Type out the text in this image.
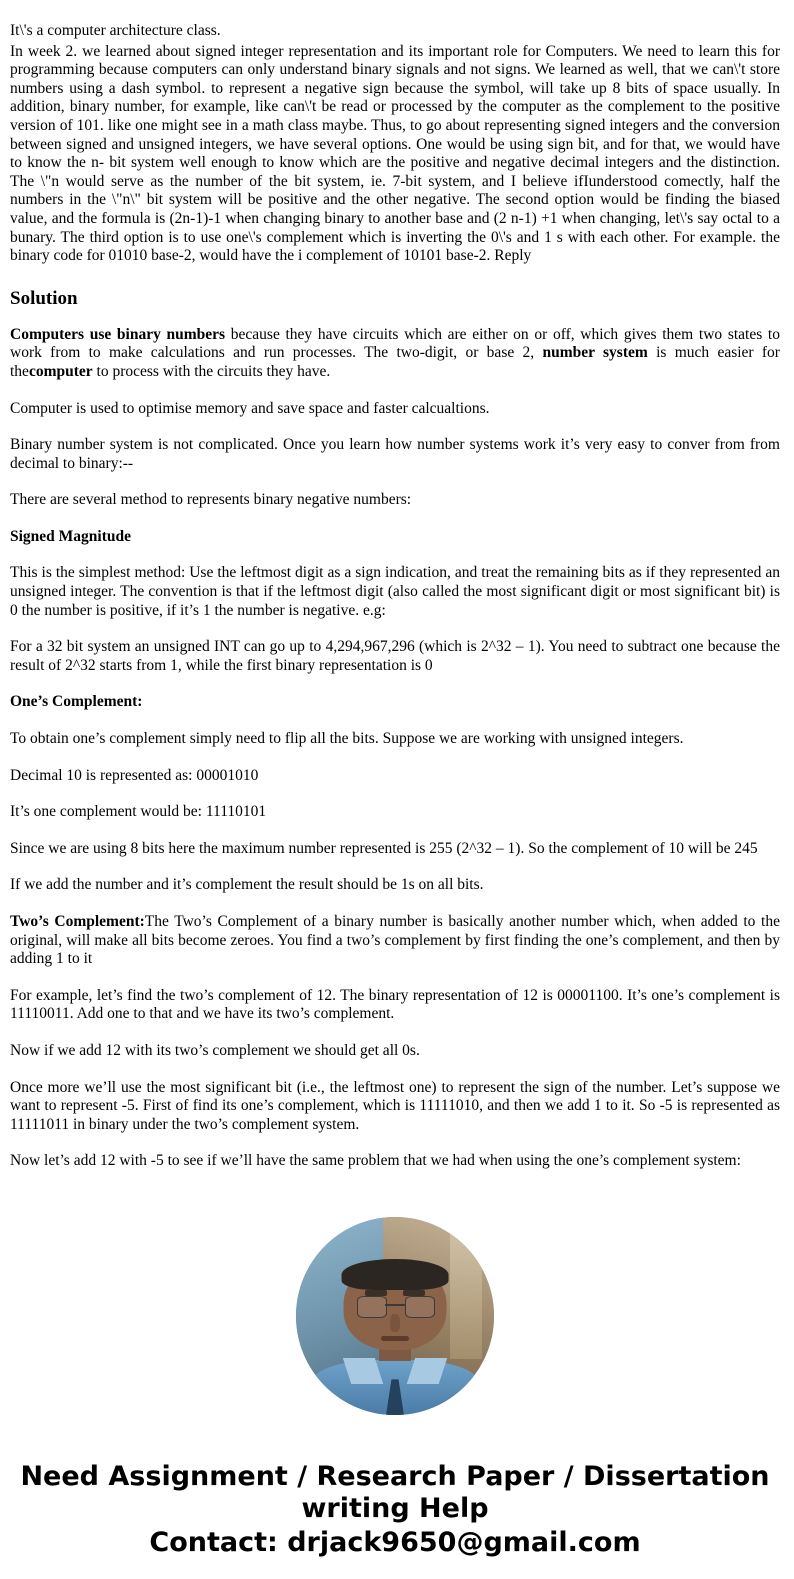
It\'s a computer architecture class.
In week 2. we learned about signed integer representation and its important role for Computers. We need to learn this for programming because computers can only understand binary signals and not signs. We learned as well, that we can\'t store numbers using a dash symbol. to represent a negative sign because the symbol, will take up 8 bits of space usually. In addition, binary number, for example, like can\'t be read or processed by the computer as the complement to the positive version of 101. like one might see in a math class maybe. Thus, to go about representing signed integers and the conversion between signed and unsigned integers, we have several options. One would be using sign bit, and for that, we would have to know the n- bit system well enough to know which are the positive and negative decimal integers and the distinction. The \"n would serve as the number of the bit system, ie. 7-bit system, and I believe ifIunderstood comectly, half the numbers in the \"n\" bit system will be positive and the other negative. The second option would be finding the biased value, and the formula is (2n-1)-1 when changing binary to another base and (2 n-1) +1 when changing, let\'s say octal to a bunary. The third option is to use one\'s complement which is inverting the 0\'s and 1 s with each other. For example. the binary code for 01010 base-2, would have the i complement of 10101 base-2. Reply
Solution

Computers use binary numbers because they have circuits which are either on or off, which gives them two states to work from to make calculations and run processes. The two-digit, or base 2, number system is much easier for thecomputer to process with the circuits they have.

Computer is used to optimise memory and save space and faster calcualtions.

Binary number system is not complicated. Once you learn how number systems work it’s very easy to conver from from decimal to binary:--

There are several method to represents binary negative numbers:

Signed Magnitude

This is the simplest method: Use the leftmost digit as a sign indication, and treat the remaining bits as if they represented an unsigned integer. The convention is that if the leftmost digit (also called the most significant digit or most significant bit) is 0 the number is positive, if it’s 1 the number is negative. e.g:

For a 32 bit system an unsigned INT can go up to 4,294,967,296 (which is 2^32 – 1). You need to subtract one because the result of 2^32 starts from 1, while the first binary representation is 0

One’s Complement:

To obtain one’s complement simply need to flip all the bits. Suppose we are working with unsigned integers.

Decimal 10 is represented as: 00001010

It’s one complement would be: 11110101

Since we are using 8 bits here the maximum number represented is 255 (2^32 – 1). So the complement of 10 will be 245

If we add the number and it’s complement the result should be 1s on all bits.

Two’s Complement:The Two’s Complement of a binary number is basically another number which, when added to the original, will make all bits become zeroes. You find a two’s complement by first finding the one’s complement, and then by adding 1 to it

For example, let’s find the two’s complement of 12. The binary representation of 12 is 00001100. It’s one’s complement is 11110011. Add one to that and we have its two’s complement.

Now if we add 12 with its two’s complement we should get all 0s.

Once more we’ll use the most significant bit (i.e., the leftmost one) to represent the sign of the number. Let’s suppose we want to represent -5. First of find its one’s complement, which is 11111010, and then we add 1 to it. So -5 is represented as 11111011 in binary under the two’s complement system.

Now let’s add 12 with -5 to see if we’ll have the same problem that we had when using the one’s complement system:

Need Assignment / Research Paper / Dissertation
writing Help
Contact: drjack9650@gmail.com
